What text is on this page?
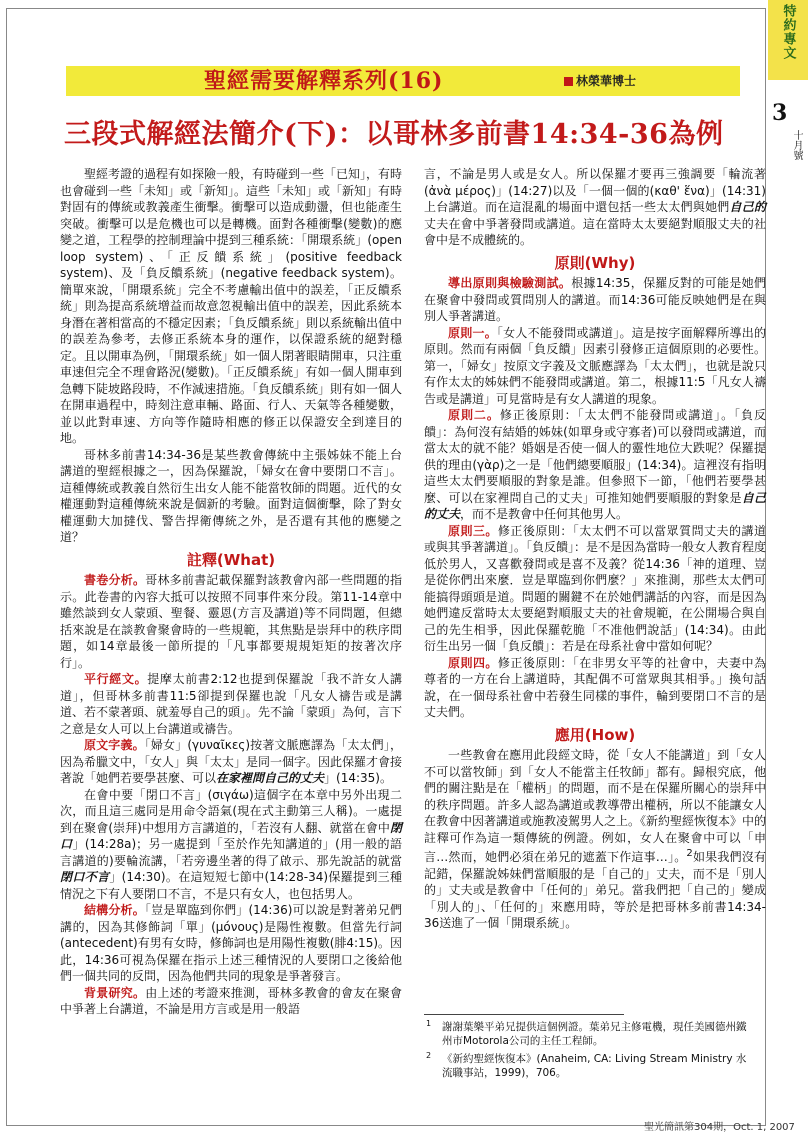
特約專文
3
十月號
聖經需要解釋系列(16)	林榮華博士
三段式解經法簡介(下)：以哥林多前書14:34-36為例

聖經考證的過程有如探險一般，有時碰到一些「已知」，有時也會碰到一些「未知」或「新知」。這些「未知」或「新知」有時對固有的傳統或教義產生衝擊。衝擊可以造成動盪，但也能產生突破。衝擊可以是危機也可以是轉機。面對各種衝擊(變數)的應變之道，工程學的控制理論中提到三種系統：「開環系統」(open loop system)、「正反饋系統」(positive feedback system)、及「負反饋系統」(negative feedback system)。簡單來說，「開環系統」完全不考慮輸出值中的誤差，「正反饋系統」則為提高系統增益而故意忽視輸出值中的誤差，因此系統本身潛在著相當高的不穩定因素；「負反饋系統」則以系統輸出值中的誤差為參考，去修正系統本身的運作，以保證系統的絕對穩定。且以開車為例，「開環系統」如一個人閉著眼睛開車，只注重車速但完全不理會路況(變數)。「正反饋系統」有如一個人開車到急轉下陡坡路段時，不作減速措施。「負反饋系統」則有如一個人在開車過程中，時刻注意車輛、路面、行人、天氣等各種變數，並以此對車速、方向等作隨時相應的修正以保證安全到達目的地。

哥林多前書14:34-36是某些教會傳統中主張姊妹不能上台講道的聖經根據之一，因為保羅說，「婦女在會中要閉口不言」。這種傳統或教義自然衍生出女人能不能當牧師的問題。近代的女權運動對這種傳統來說是個新的考驗。面對這個衝擊，除了對女權運動大加撻伐、警告捍衛傳統之外，是否還有其他的應變之道？

註釋(What)

書卷分析。哥林多前書記載保羅對該教會內部一些問題的指示。此卷書的內容大抵可以按照不同事件來分段。第11-14章中雖然談到女人蒙頭、聖餐、靈恩(方言及講道)等不同問題，但總括來說是在談教會聚會時的一些規範，其焦點是崇拜中的秩序問題，如14章最後一節所提的「凡事都要規規矩矩的按著次序行」。

平行經文。提摩太前書2:12也提到保羅說「我不許女人講道」，但哥林多前書11:5卻提到保羅也說「凡女人禱告或是講道、若不蒙著頭、就羞辱自己的頭」。先不論「蒙頭」為何，言下之意是女人可以上台講道或禱告。

原文字義。「婦女」(γυναῖκες)按著文脈應譯為「太太們」，因為希臘文中，「女人」與「太太」是同一個字。因此保羅才會接著說「她們若要學甚麼、可以在家裡問自己的丈夫」(14:35)。

在會中要「閉口不言」(σιγάω)這個字在本章中另外出現二次，而且這三處同是用命令語氣(現在式主動第三人稱)。一處提到在聚會(崇拜)中想用方言講道的，「若沒有人翻、就當在會中閉口」(14:28a)；另一處提到「至於作先知講道的」(用一般的語言講道的)要輪流講，「若旁邊坐著的得了啟示、那先說話的就當閉口不言」(14:30)。在這短短七節中(14:28-34)保羅提到三種情況之下有人要閉口不言，不是只有女人，也包括男人。

結構分析。「豈是單臨到你們」(14:36)可以說是對著弟兄們講的，因為其修飾詞「單」(μόνους)是陽性複數。但當先行詞(antecedent)有男有女時，修飾詞也是用陽性複數(腓4:15)。因此，14:36可視為保羅在指示上述三種情況的人要閉口之後給他們一個共同的反問，因為他們共同的現象是爭著發言。

背景研究。由上述的考證來推測，哥林多教會的會友在聚會中爭著上台講道，不論是用方言或是用一般語

言，不論是男人或是女人。所以保羅才要再三強調要「輪流著(ἀνὰ μέρος)」(14:27)以及「一個一個的(καθ' ἕνα)」(14:31)上台講道。而在這混亂的場面中還包括一些太太們與她們自己的丈夫在會中爭著發問或講道。這在當時太太要絕對順服丈夫的社會中是不成體統的。

原則(Why)

導出原則與檢驗測試。根據14:35，保羅反對的可能是她們在聚會中發問或質問別人的講道。而14:36可能反映她們是在與別人爭著講道。

原則一。「女人不能發問或講道」。這是按字面解釋所導出的原則。然而有兩個「負反饋」因素引發修正這個原則的必要性。第一，「婦女」按原文字義及文脈應譯為「太太們」，也就是說只有作太太的姊妹們不能發問或講道。第二，根據11:5「凡女人禱告或是講道」可見當時是有女人講道的現象。

原則二。修正後原則：「太太們不能發問或講道」。「負反饋」：為何沒有結婚的姊妹(如單身或守寡者)可以發問或講道，而當太太的就不能？婚姻是否使一個人的靈性地位大跌呢？保羅提供的理由(γὰρ)之一是「他們總要順服」(14:34)。這裡沒有指明這些太太們要順服的對象是誰。但參照下一節，「他們若要學甚麼、可以在家裡問自己的丈夫」可推知她們要順服的對象是自己的丈夫，而不是教會中任何其他男人。

原則三。修正後原則：「太太們不可以當眾質問丈夫的講道或與其爭著講道」。「負反饋」：是不是因為當時一般女人教育程度低於男人，又喜歡發問或是喜不及義？從14:36「神的道理、豈是從你們出來麼．豈是單臨到你們麼？」來推測，那些太太們可能搞得頭頭是道。問題的關鍵不在於她們講話的內容，而是因為她們違反當時太太要絕對順服丈夫的社會規範，在公開場合與自己的先生相爭，因此保羅乾脆「不准他們說話」(14:34)。由此衍生出另一個「負反饋」：若是在母系社會中當如何呢？

原則四。修正後原則：「在非男女平等的社會中，夫妻中為尊者的一方在台上講道時，其配偶不可當眾與其相爭。」換句話說，在一個母系社會中若發生同樣的事件，輪到要閉口不言的是丈夫們。

應用(How)

一些教會在應用此段經文時，從「女人不能講道」到「女人不可以當牧師」到「女人不能當主任牧師」都有。歸根究底，他們的關注點是在「權柄」的問題，而不是在保羅所關心的崇拜中的秩序問題。許多人認為講道或教導帶出權柄，所以不能讓女人在教會中因著講道或施教凌駕男人之上。《新約聖經恢復本》中的註釋可作為這一類傳統的例證。例如，女人在聚會中可以「申言…然而，她們必須在弟兄的遮蓋下作這事…」。$^2$如果我們沒有記錯，保羅說姊妹們當順服的是「自己的」丈夫，而不是「別人的」丈夫或是教會中「任何的」弟兄。當我們把「自己的」變成「別人的」、「任何的」來應用時，等於是把哥林多前書14:34-36送進了一個「開環系統」。

1 謝謝葉樂平弟兄提供這個例證。葉弟兄主修電機，現任美國德州鐵州市Motorola公司的主任工程師。
2 《新約聖經恢復本》(Anaheim, CA: Living Stream Ministry 水流職事站，1999)，706。
聖光簡訊第304期，Oct. 1, 2007
